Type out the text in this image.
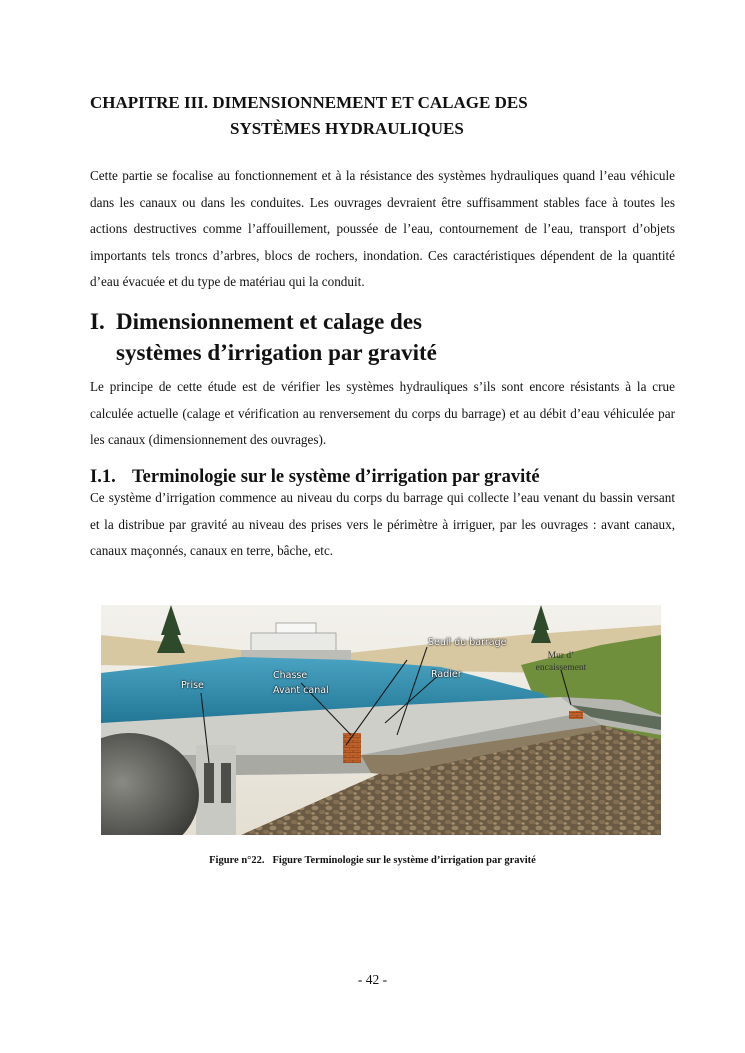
CHAPITRE III. DIMENSIONNEMENT ET CALAGE DES
SYSTÈMES HYDRAULIQUES

Cette partie se focalise au fonctionnement et à la résistance des systèmes hydrauliques quand l’eau véhicule dans les canaux ou dans les conduites. Les ouvrages devraient être suffisamment stables face à toutes les actions destructives comme l’affouillement, poussée de l’eau, contournement de l’eau, transport d’objets importants tels troncs d’arbres, blocs de rochers, inondation. Ces caractéristiques dépendent de la quantité d’eau évacuée et du type de matériau qui la conduit.

I. Dimensionnement et calage des
systèmes d’irrigation par gravité

Le principe de cette étude est de vérifier les systèmes hydrauliques s’ils sont encore résistants à la crue calculée actuelle (calage et vérification au renversement du corps du barrage) et au débit d’eau véhiculée par les canaux (dimensionnement des ouvrages).

I.1. Terminologie sur le système d’irrigation par gravité

Ce système d’irrigation commence au niveau du corps du barrage qui collecte l’eau venant du bassin versant et la distribue par gravité au niveau des prises vers le périmètre à irriguer, par les ouvrages : avant canaux, canaux maçonnés, canaux en terre, bâche, etc.

Seuil du barrage
Mur d’
encaissement
Radier
Chasse
Avant canal
Prise
Figure n°22. Figure Terminologie sur le système d’irrigation par gravité
- 42 -
